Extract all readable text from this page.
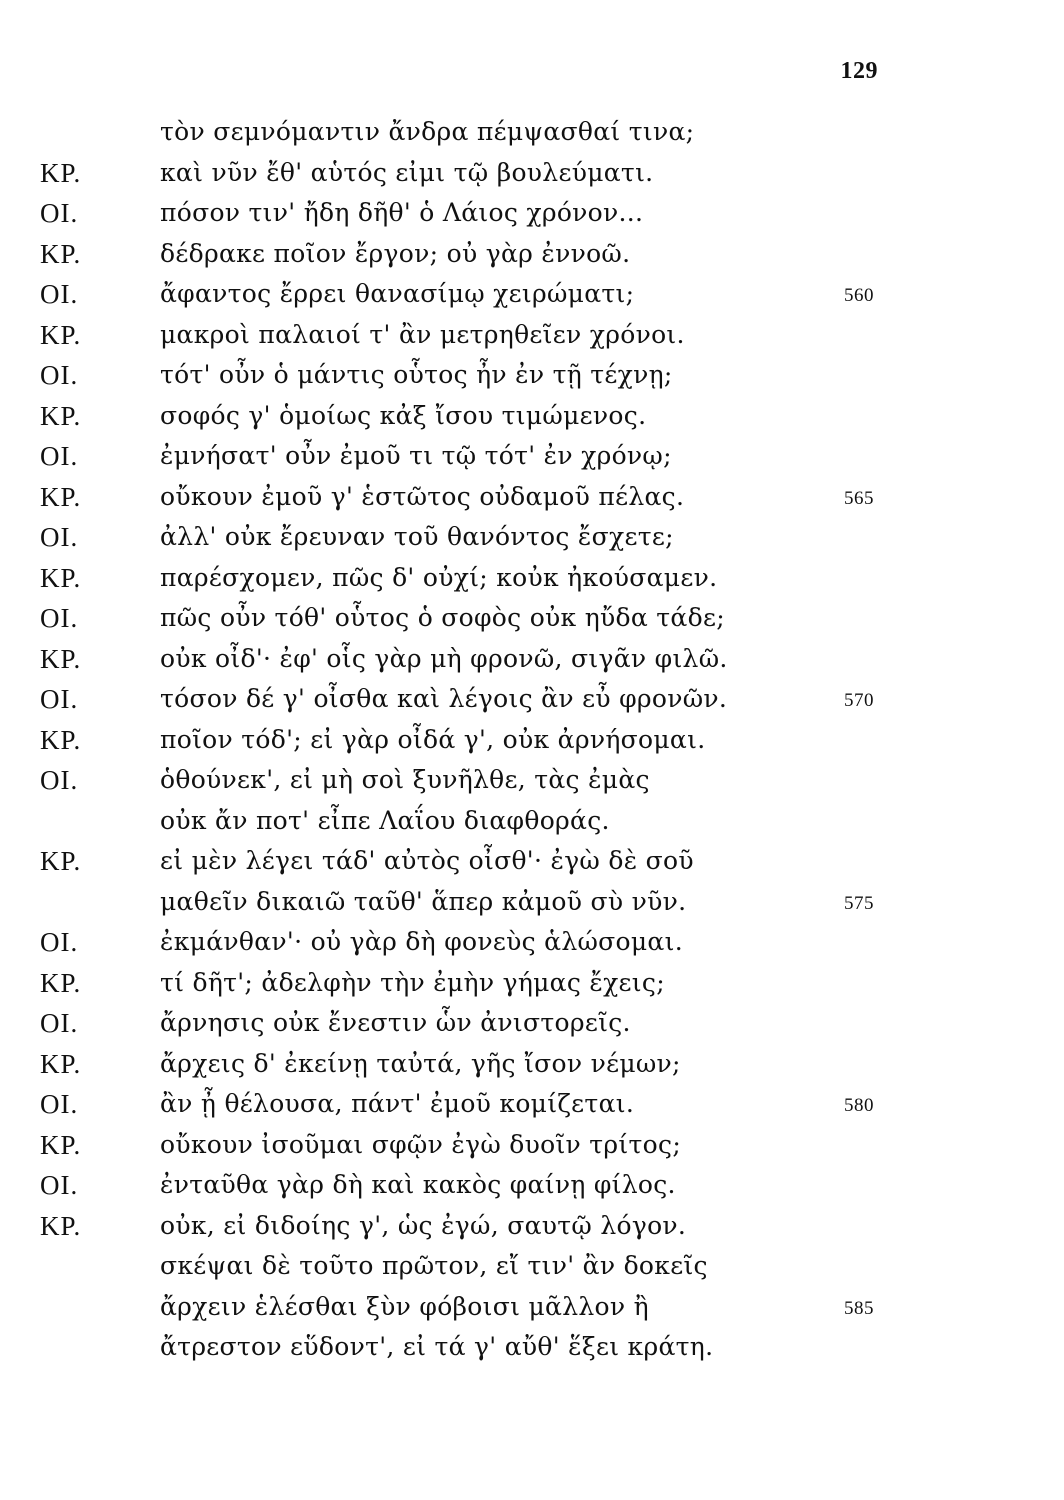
129
τὸν σεμνόμαντιν ἄνδρα πέμψασθαί τινα;
ΚΡ.	καὶ νῦν ἔθ' αὑτός εἰμι τῷ βουλεύματι.
ΟΙ.	πόσον τιν' ἤδη δῆθ' ὁ Λάιος χρόνον...
ΚΡ.	δέδρακε ποῖον ἔργον; οὐ γὰρ ἐννοῶ.
ΟΙ.	ἄφαντος ἔρρει θανασίμῳ χειρώματι;	560
ΚΡ.	μακροὶ παλαιοί τ' ἂν μετρηθεῖεν χρόνοι.
ΟΙ.	τότ' οὖν ὁ μάντις οὗτος ἦν ἐν τῇ τέχνῃ;
ΚΡ.	σοφός γ' ὁμοίως κἀξ ἴσου τιμώμενος.
ΟΙ.	ἐμνήσατ' οὖν ἐμοῦ τι τῷ τότ' ἐν χρόνῳ;
ΚΡ.	οὔκουν ἐμοῦ γ' ἑστῶτος οὐδαμοῦ πέλας.	565
ΟΙ.	ἀλλ' οὐκ ἔρευναν τοῦ θανόντος ἔσχετε;
ΚΡ.	παρέσχομεν, πῶς δ' οὐχί; κοὐκ ἠκούσαμεν.
ΟΙ.	πῶς οὖν τόθ' οὗτος ὁ σοφὸς οὐκ ηὔδα τάδε;
ΚΡ.	οὐκ οἶδ'· ἐφ' οἷς γὰρ μὴ φρονῶ, σιγᾶν φιλῶ.
ΟΙ.	τόσον δέ γ' οἶσθα καὶ λέγοις ἂν εὖ φρονῶν.	570
ΚΡ.	ποῖον τόδ'; εἰ γὰρ οἶδά γ', οὐκ ἀρνήσομαι.
ΟΙ.	ὁθούνεκ', εἰ μὴ σοὶ ξυνῆλθε, τὰς ἐμὰς
οὐκ ἄν ποτ' εἶπε Λαΐου διαφθοράς.
ΚΡ.	εἰ μὲν λέγει τάδ' αὐτὸς οἶσθ'· ἐγὼ δὲ σοῦ
μαθεῖν δικαιῶ ταῦθ' ἅπερ κἀμοῦ σὺ νῦν.	575
ΟΙ.	ἐκμάνθαν'· οὐ γὰρ δὴ φονεὺς ἁλώσομαι.
ΚΡ.	τί δῆτ'; ἀδελφὴν τὴν ἐμὴν γήμας ἔχεις;
ΟΙ.	ἄρνησις οὐκ ἔνεστιν ὧν ἀνιστορεῖς.
ΚΡ.	ἄρχεις δ' ἐκείνῃ ταὐτά, γῆς ἴσον νέμων;
ΟΙ.	ἂν ᾖ θέλουσα, πάντ' ἐμοῦ κομίζεται.	580
ΚΡ.	οὔκουν ἰσοῦμαι σφῷν ἐγὼ δυοῖν τρίτος;
ΟΙ.	ἐνταῦθα γὰρ δὴ καὶ κακὸς φαίνῃ φίλος.
ΚΡ.	οὐκ, εἰ διδοίης γ', ὡς ἐγώ, σαυτῷ λόγον.
σκέψαι δὲ τοῦτο πρῶτον, εἴ τιν' ἂν δοκεῖς
ἄρχειν ἑλέσθαι ξὺν φόβοισι μᾶλλον ἢ	585
ἄτρεστον εὕδοντ', εἰ τά γ' αὔθ' ἕξει κράτη.
